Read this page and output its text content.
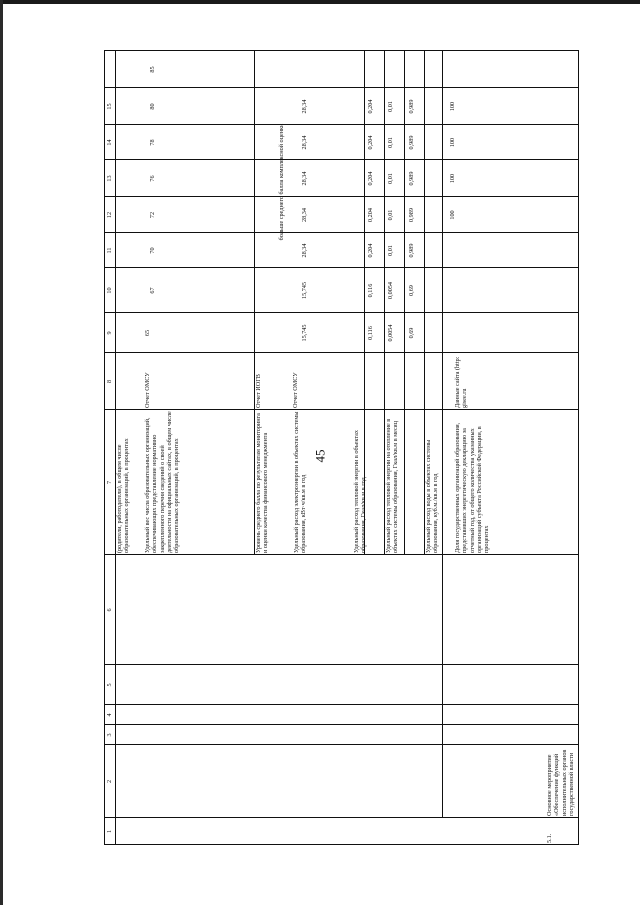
45
1
2
3
4
5
6
7
8
9
10
11
12
13
14
15
(родители, работодатели), в общем числе образовательных организаций, в процентах	Удельный вес числа образовательных организаций, обеспечивающих представление нормативно закрепленного перечня сведений о своей деятельности на официальных сайтах, в общем числе образовательных организаций, в процентах
Отчет ОМСУ
65
67
70
72
76
78
80
85
Уровень среднего балла по результатам мониторинга и оценки качества финансового менеджмента
Отчет ИОГВ
больше среднего балла комплексной оценки
Отчет ОМСУ
Удельный расход электроэнергии в объектах системы образования, кВт·ч/кв.м в год
15,745
15,745
28,34
28,34
28,34
28,34
28,34
Удельный расход тепловой энергии в объектах образования, Гкал/кв.м в год
0,116
0,116
0,204
0,204
0,204
0,204
0,204
Удельный расход тепловой энергии на отопление в объектах системы образования, Гкал/кв.м в месяц
0,0054
0,0054
0,01
0,01
0,01
0,01
0,01
Удельный расход воды в объектах системы образования, куб.м./кв.м в год
0,69
0,69
0,989
0,989
0,989
0,989
0,989
Доля государственных организаций образования, представивших энергетическую декларацию за отчетный год, от общего количества указанных организаций субъекта Российской Федерации, в процентах
Данные сайта (http: gisee.ru
100
100
100
100
5.1.
Основное мероприятие «Обеспечение функций исполнительных органов государственной власти
